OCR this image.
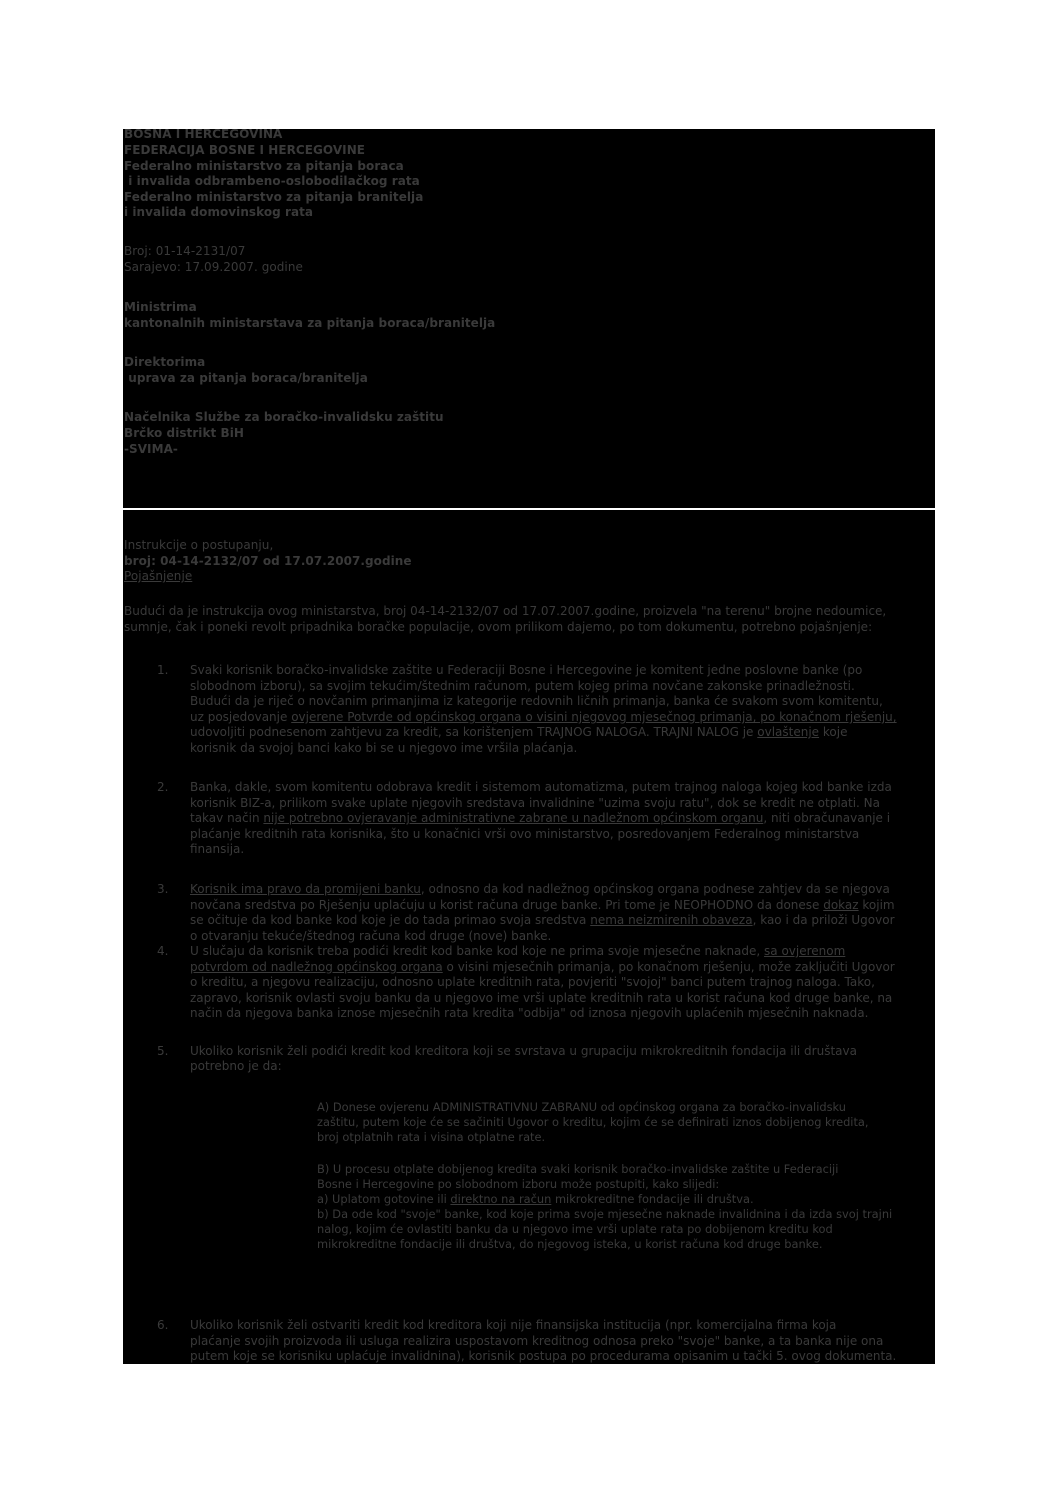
BOSNA I HERCEGOVINA
FEDERACIJA BOSNE I HERCEGOVINE
Federalno ministarstvo za pitanja boraca
i invalida odbrambeno-oslobodilačkog rata
Federalno ministarstvo za pitanja branitelja
i invalida domovinskog rata
Broj: 01-14-2131/07
Sarajevo: 17.09.2007. godine
Ministrima
kantonalnih ministarstava za pitanja boraca/branitelja
Direktorima
uprava za pitanja boraca/branitelja
Načelnika Službe za boračko-invalidsku zaštitu
Brčko distrikt BiH
-SVIMA-
Instrukcije o postupanju,
broj: 04-14-2132/07 od 17.07.2007.godine
Pojašnjenje
Budući da je instrukcija ovog ministarstva, broj 04-14-2132/07 od 17.07.2007.godine, proizvela "na terenu" brojne nedoumice,
sumnje, čak i poneki revolt pripadnika boračke populacije, ovom prilikom dajemo, po tom dokumentu, potrebno pojašnjenje:
1. Svaki korisnik boračko-invalidske zaštite u Federaciji Bosne i Hercegovine je komitent jedne poslovne banke (po
slobodnom izboru), sa svojim tekućim/štednim računom, putem kojeg prima novčane zakonske prinadležnosti.
Budući da je riječ o novčanim primanjima iz kategorije redovnih ličnih primanja, banka će svakom svom komitentu,
uz posjedovanje ovjerene Potvrde od općinskog organa o visini njegovog mjesečnog primanja, po konačnom rješenju,
udovoljiti podnesenom zahtjevu za kredit, sa korištenjem TRAJNOG NALOGA. TRAJNI NALOG je ovlaštenje koje
korisnik da svojoj banci kako bi se u njegovo ime vršila plaćanja.
2. Banka, dakle, svom komitentu odobrava kredit i sistemom automatizma, putem trajnog naloga kojeg kod banke izda
korisnik BIZ-a, prilikom svake uplate njegovih sredstava invalidnine "uzima svoju ratu", dok se kredit ne otplati. Na
takav način nije potrebno ovjeravanje administrativne zabrane u nadležnom općinskom organu, niti obračunavanje i
plaćanje kreditnih rata korisnika, što u konačnici vrši ovo ministarstvo, posredovanjem Federalnog ministarstva
finansija.
3. Korisnik ima pravo da promijeni banku, odnosno da kod nadležnog općinskog organa podnese zahtjev da se njegova
novčana sredstva po Rješenju uplaćuju u korist računa druge banke. Pri tome je NEOPHODNO da donese dokaz kojim
se očituje da kod banke kod koje je do tada primao svoja sredstva nema neizmirenih obaveza, kao i da priloži Ugovor
o otvaranju tekuće/štednog računa kod druge (nove) banke.
4. U slučaju da korisnik treba podići kredit kod banke kod koje ne prima svoje mjesečne naknade, sa ovjerenom
potvrdom od nadležnog općinskog organa o visini mjesečnih primanja, po konačnom rješenju, može zaključiti Ugovor
o kreditu, a njegovu realizaciju, odnosno uplate kreditnih rata, povjeriti "svojoj" banci putem trajnog naloga. Tako,
zapravo, korisnik ovlasti svoju banku da u njegovo ime vrši uplate kreditnih rata u korist računa kod druge banke, na
način da njegova banka iznose mjesečnih rata kredita "odbija" od iznosa njegovih uplaćenih mjesečnih naknada.
5. Ukoliko korisnik želi podići kredit kod kreditora koji se svrstava u grupaciju mikrokreditnih fondacija ili društava
potrebno je da:
A) Donese ovjerenu ADMINISTRATIVNU ZABRANU od općinskog organa za boračko-invalidsku
zaštitu, putem koje će se sačiniti Ugovor o kreditu, kojim će se definirati iznos dobijenog kredita,
broj otplatnih rata i visina otplatne rate.
B) U procesu otplate dobijenog kredita svaki korisnik boračko-invalidske zaštite u Federaciji
Bosne i Hercegovine po slobodnom izboru može postupiti, kako slijedi:
a) Uplatom gotovine ili direktno na račun mikrokreditne fondacije ili društva.
b) Da ode kod "svoje" banke, kod koje prima svoje mjesečne naknade invalidnina i da izda svoj trajni
nalog, kojim će ovlastiti banku da u njegovo ime vrši uplate rata po dobijenom kreditu kod
mikrokreditne fondacije ili društva, do njegovog isteka, u korist računa kod druge banke.
6. Ukoliko korisnik želi ostvariti kredit kod kreditora koji nije finansijska institucija (npr. komercijalna firma koja
plaćanje svojih proizvoda ili usluga realizira uspostavom kreditnog odnosa preko "svoje" banke, a ta banka nije ona
putem koje se korisniku uplaćuje invalidnina), korisnik postupa po procedurama opisanim u tački 5. ovog dokumenta.
